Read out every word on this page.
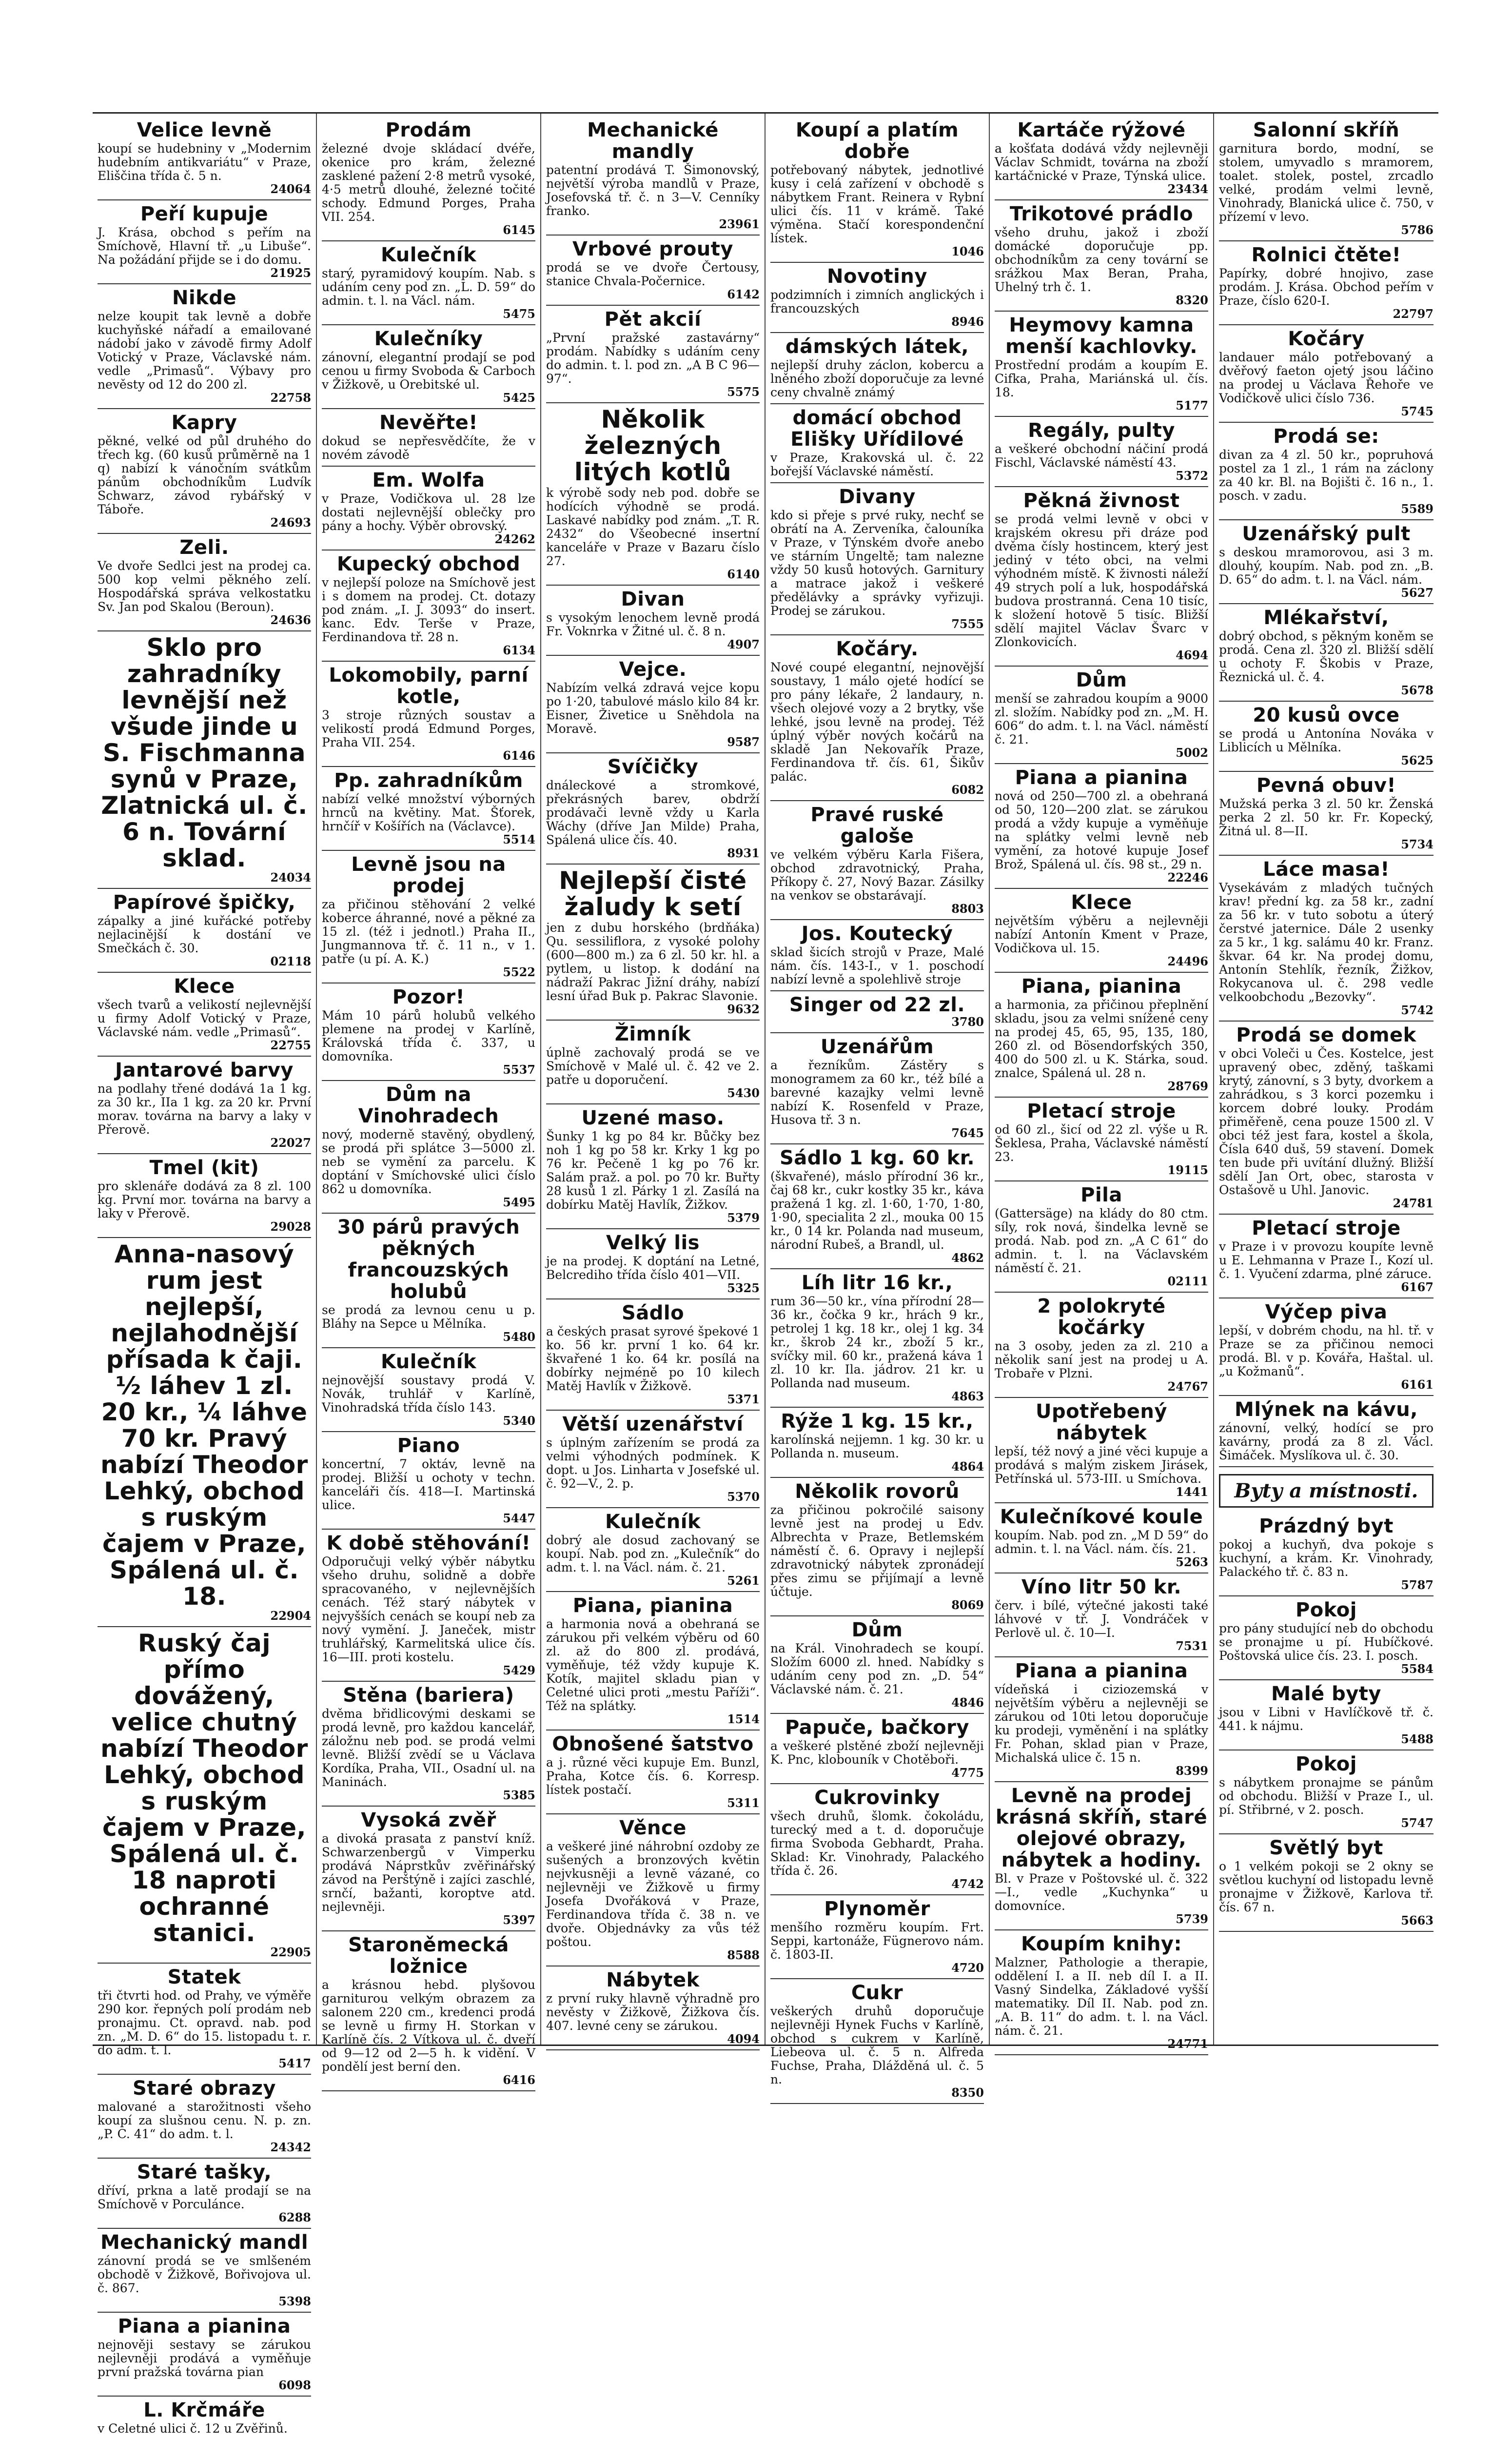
Velice levně
koupí se hudebniny v „Modernim hudebním antikvariátu“ v Praze, Eliščina třída č. 5 n.
24064
Peří kupuje
J. Krása, obchod s peřím na Smíchově, Hlavní tř. „u Libuše“. Na požádání přijde se i do domu.
21925
Nikde
nelze koupit tak levně a dobře kuchyňské nářadí a emailované nádobí jako v závodě firmy Adolf Votický v Praze, Václavské nám. vedle „Primasů“. Výbavy pro nevěsty od 12 do 200 zl.
22758
Kapry
pěkné, velké od půl druhého do třech kg. (60 kusů průměrně na 1 q) nabízí k vánočním svátkům pánům obchodníkům Ludvík Schwarz, závod rybářský v Táboře.
24693
Zeli.
Ve dvoře Sedlci jest na prodej ca. 500 kop velmi pěkného zelí. Hospodářská správa velkostatku Sv. Jan pod Skalou (Beroun).
24636
Sklo pro zahradníky levnější než všude jinde u S. Fischmanna synů v Praze, Zlatnická ul. č. 6 n. Tovární sklad.
24034
Papírové špičky,
zápalky a jiné kuřácké potřeby nejlacinější k dostání ve Smečkách č. 30.
02118
Klece
všech tvarů a velikostí nejlevnější u firmy Adolf Votický v Praze, Václavské nám. vedle „Primasů“.
22755
Jantarové barvy
na podlahy třené dodává 1a 1 kg. za 30 kr., IIa 1 kg. za 20 kr. První morav. továrna na barvy a laky v Přerově.
22027
Tmel (kit)
pro sklenáře dodává za 8 zl. 100 kg. První mor. továrna na barvy a laky v Přerově.
29028
Anna-nasový rum jest nejlepší, nejlahodnější přísada k čaji. ½ láhev 1 zl. 20 kr., ¼ láhve 70 kr. Pravý nabízí Theodor Lehký, obchod s ruským čajem v Praze, Spálená ul. č. 18.
22904
Ruský čaj přímo dovážený, velice chutný nabízí Theodor Lehký, obchod s ruským čajem v Praze, Spálená ul. č. 18 naproti ochranné stanici.
22905
Statek
tři čtvrti hod. od Prahy, ve výměře 290 kor. řepných polí prodám neb pronajmu. Ct. opravd. nab. pod zn. „M. D. 6“ do 15. listopadu t. r. do adm. t. l.
5417
Staré obrazy
malované a starožitnosti všeho koupí za slušnou cenu. N. p. zn. „P. C. 41“ do adm. t. l.
24342
Staré tašky,
dříví, prkna a latě prodají se na Smíchově v Porculánce.
6288
Mechanický mandl
zánovní prodá se ve smlšeném obchodě v Žižkově, Bořivojova ul. č. 867.
5398
Piana a pianina
nejnověji sestavy se zárukou nejlevněji prodává a vyměňuje první pražská továrna pian
6098
L. Krčmáře
v Celetné ulici č. 12 u Zvěřinů.
Prodám
železné dvoje skládací dvéře, okenice pro krám, železné zasklené pažení 2·8 metrů vysoké, 4·5 metrů dlouhé, železné točité schody. Edmund Porges, Praha VII. 254.
6145
Kulečník
starý, pyramidový koupím. Nab. s udáním ceny pod zn. „L. D. 59“ do admin. t. l. na Václ. nám.
5475
Kulečníky
zánovní, elegantní prodají se pod cenou u firmy Svoboda & Carboch v Žižkově, u Orebitské ul.
5425
Nevěřte!
dokud se nepřesvědčíte, že v novém závodě
Em. Wolfa
v Praze, Vodičkova ul. 28 lze dostati nejlevnější oblečky pro pány a hochy. Výběr obrovský.
24262
Kupecký obchod
v nejlepší poloze na Smíchově jest i s domem na prodej. Ct. dotazy pod znám. „I. J. 3093“ do insert. kanc. Edv. Terše v Praze, Ferdinandova tř. 28 n.
6134
Lokomobily, parní kotle,
3 stroje různých soustav a velikostí prodá Edmund Porges, Praha VII. 254.
6146
Pp. zahradníkům
nabízí velké množství výborných hrnců na květiny. Mat. Šťorek, hrnčíř v Košířích na (Václavce).
5514
Levně jsou na prodej
za přičinou stěhování 2 velké koberce áhranné, nové a pěkné za 15 zl. (též i jednotl.) Praha II., Jungmannova tř. č. 11 n., v 1. patře (u pí. A. K.)
5522
Pozor!
Mám 10 párů holubů velkého plemene na prodej v Karlíně, Královská třída č. 337, u domovníka.
5537
Dům na Vinohradech
nový, moderně stavěný, obydlený, se prodá při splátce 3—5000 zl. neb se vymění za parcelu. K doptání v Smíchovské ulici číslo 862 u domovníka.
5495
30 párů pravých pěkných francouzských holubů
se prodá za levnou cenu u p. Bláhy na Sepce u Mělníka.
5480
Kulečník
nejnovější soustavy prodá V. Novák, truhlář v Karlíně, Vinohradská třída číslo 143.
5340
Piano
koncertní, 7 oktáv, levně na prodej. Bližší u ochoty v techn. kanceláři čís. 418—I. Martinská ulice.
5447
K době stěhování!
Odporučuji velký výběr nábytku všeho druhu, solidně a dobře spracovaného, v nejlevnějších cenách. Též starý nábytek v nejvyšších cenách se koupí neb za nový vymění. J. Janeček, mistr truhlářský, Karmelitská ulice čís. 16—III. proti kostelu.
5429
Stěna (bariera)
dvěma břidlicovými deskami se prodá levně, pro každou kancelář, záložnu neb pod. se prodá velmi levně. Bližší zvědí se u Václava Kordíka, Praha, VII., Osadní ul. na Maninách.
5385
Vysoká zvěř
a divoká prasata z panství kníž. Schwarzenbergů v Vimperku prodává Náprstkův zvěřinářský závod na Perštýně i zajíci zaschlé, srnčí, bažanti, koroptve atd. nejlevněji.
5397
Staroněmecká ložnice
a krásnou hebd. plyšovou garniturou velkým obrazem za salonem 220 cm., kredenci prodá se levně u firmy H. Storkan v Karlíně čís. 2 Vítkova ul. č. dveří od 9—12 od 2—5 h. k vidění. V pondělí jest berní den.
6416
Mechanické mandly
patentní prodává T. Šimonovský, největší výroba mandlů v Praze, Josefovská tř. č. n 3—V. Cenníky franko.
23961
Vrbové prouty
prodá se ve dvoře Čertousy, stanice Chvala-Počernice.
6142
Pět akcií
„První pražské zastavárny“ prodám. Nabídky s udáním ceny do admin. t. l. pod zn. „A B C 96—97“.
5575
Několik železných litých kotlů
k výrobě sody neb pod. dobře se hodících výhodně se prodá. Laskavé nabídky pod znám. „T. R. 2432“ do Všeobecné insertní kanceláře v Praze v Bazaru číslo 27.
6140
Divan
s vysokým lenochem levně prodá Fr. Voknrka v Žitné ul. č. 8 n.
4907
Vejce.
Nabízím velká zdravá vejce kopu po 1·20, tabulové máslo kilo 84 kr. Eisner, Živetice u Sněhdola na Moravě.
9587
Svíčičky
dnáleckové a stromkové, překrásných barev, obdrží prodávači levně vždy u Karla Wáchy (dříve Jan Milde) Praha, Spálená ulice čís. 40.
8931
Nejlepší čisté žaludy k setí
jen z dubu horského (brdňáka) Qu. sessiliflora, z vysoké polohy (600—800 m.) za 6 zl. 50 kr. hl. a pytlem, u listop. k dodání na nádraží Pakrac Jižní dráhy, nabízí lesní úřad Buk p. Pakrac Slavonie.
9632
Žimník
úplně zachovalý prodá se ve Smíchově v Malé ul. č. 42 ve 2. patře u doporučení.
5430
Uzené maso.
Šunky 1 kg po 84 kr. Bůčky bez noh 1 kg po 58 kr. Krky 1 kg po 76 kr. Pečeně 1 kg po 76 kr. Salám praž. a pol. po 70 kr. Buřty 28 kusů 1 zl. Párky 1 zl. Zasílá na dobírku Matěj Havlík, Žižkov.
5379
Velký lis
je na prodej. K doptání na Letné, Belcrediho třída číslo 401—VII.
5325
Sádlo
a českých prasat syrové špekové 1 ko. 56 kr. první 1 ko. 64 kr. škvařené 1 ko. 64 kr. posílá na dobírky nejméně po 10 kilech Matěj Havlík v Žižkově.
5371
Větší uzenářství
s úplným zařízením se prodá za velmi výhodných podmínek. K dopt. u Jos. Linharta v Josefské ul. č. 92—V., 2. p.
5370
Kulečník
dobrý ale dosud zachovaný se koupí. Nab. pod zn. „Kulečník“ do adm. t. l. na Václ. nám. č. 21.
5261
Piana, pianina
a harmonia nová a obehraná se zárukou při velkém výběru od 60 zl. až do 800 zl. prodává, vyměňuje, též vždy kupuje K. Kotík, majitel skladu pian v Celetné ulici proti „mestu Paříži“. Též na splátky.
1514
Obnošené šatstvo
a j. různé věci kupuje Em. Bunzl, Praha, Kotce čís. 6. Korresp. lístek postačí.
5311
Věnce
a veškeré jiné náhrobní ozdoby ze sušených a bronzových květin nejvkusněji a levně vázané, co nejlevněji ve Žižkově u firmy Josefa Dvořáková v Praze, Ferdinandova třída č. 38 n. ve dvoře. Objednávky za vůs též poštou.
8588
Nábytek
z první ruky hlavně výhradně pro nevěsty v Žižkově, Žižkova čís. 407. levné ceny se zárukou.
4094
Koupí a platím dobře
potřebovaný nábytek, jednotlivé kusy i celá zařízení v obchodě s nábytkem Frant. Reinera v Rybní ulici čís. 11 v krámě. Také výměna. Stačí korespondenční lístek.
1046
Novotiny
podzimních i zimních anglických i francouzských
8946
dámských látek,
nejlepší druhy záclon, kobercu a lněného zboží doporučuje za levné ceny chvalně známý
domácí obchod Elišky Uřídilové
v Praze, Krakovská ul. č. 22 bořejší Václavské náměstí.
Divany
kdo si přeje s prvé ruky, nechť se obrátí na A. Zerveníka, čalouníka v Praze, v Týnském dvoře anebo ve stárním Ungeltě; tam nalezne vždy 50 kusů hotových. Garnitury a matrace jakož i veškeré předělávky a správky vyřizuji. Prodej se zárukou.
7555
Kočáry.
Nové coupé elegantní, nejnovější soustavy, 1 málo ojeté hodící se pro pány lékaře, 2 landaury, n. všech olejové vozy a 2 brytky, vše lehké, jsou levně na prodej. Též úplný výběr nových kočárů na skladě Jan Nekovařík Praze, Ferdinandova tř. čís. 61, Šikův palác.
6082
Pravé ruské galoše
ve velkém výběru Karla Fišera, obchod zdravotnický, Praha, Příkopy č. 27, Nový Bazar. Zásilky na venkov se obstarávají.
8803
Jos. Koutecký
sklad šicích strojů v Praze, Malé nám. čís. 143-I., v 1. poschodí nabízí levně a spolehlivě stroje
Singer od 22 zl.
3780
Uzenářům
a řezníkům. Zástěry s monogramem za 60 kr., též bílé a barevné kazajky velmi levně nabízí K. Rosenfeld v Praze, Husova tř. 3 n.
7645
Sádlo 1 kg. 60 kr.
(škvařené), máslo přírodní 36 kr., čaj 68 kr., cukr kostky 35 kr., káva pražená 1 kg. zl. 1·60, 1·70, 1·80, 1·90, specialita 2 zl., mouka 00 15 kr., 0 14 kr. Polanda nad museum, národní Rubeš, a Brandl, ul.
4862
Líh litr 16 kr.,
rum 36—50 kr., vína přírodní 28—36 kr., čočka 9 kr., hrách 9 kr., petrolej 1 kg. 18 kr., olej 1 kg. 34 kr., škrob 24 kr., zboží 5 kr., svíčky mil. 60 kr., pražená káva 1 zl. 10 kr. Ila. jádrov. 21 kr. u Pollanda nad museum.
4863
Rýže 1 kg. 15 kr.,
karolínská nejjemn. 1 kg. 30 kr. u Pollanda n. museum.
4864
Několik rovorů
za přičinou pokročilé saisony levně jest na prodej u Edv. Albrechta v Praze, Betlemském náměstí č. 6. Opravy i nejlepší zdravotnický nábytek zpronádejí přes zimu se přijímají a levně účtuje.
8069
Dům
na Král. Vinohradech se koupí. Složím 6000 zl. hned. Nabídky s udáním ceny pod zn. „D. 54“ Václavské nám. č. 21.
4846
Papuče, bačkory
a veškeré plstěné zboží nejlevněji K. Pnc, klobouník v Chotěboři.
4775
Cukrovinky
všech druhů, šlomk. čokoládu, turecký med a t. d. doporučuje firma Svoboda Gebhardt, Praha. Sklad: Kr. Vinohrady, Palackého třída č. 26.
4742
Plynoměr
menšího rozměru koupím. Frt. Seppi, kartonáže, Fügnerovo nám. č. 1803-II.
4720
Cukr
veškerých druhů doporučuje nejlevněji Hynek Fuchs v Karlíně, obchod s cukrem v Karlíně, Liebeova ul. č. 5 n. Alfreda Fuchse, Praha, Dlážděná ul. č. 5 n.
8350
Kartáče rýžové
a košťata dodává vždy nejlevněji Václav Schmidt, továrna na zboží kartáčnické v Praze, Týnská ulice.
23434
Trikotové prádlo
všeho druhu, jakož i zboží domácké doporučuje pp. obchodníkům za ceny tovární se srážkou Max Beran, Praha, Uhelný trh č. 1.
8320
Heymovy kamna menší kachlovky.
Prostřední prodám a koupím E. Cifka, Praha, Mariánská ul. čís. 18.
5177
Regály, pulty
a veškeré obchodní náčiní prodá Fischl, Václavské náměstí 43.
5372
Pěkná živnost
se prodá velmi levně v obci v krajském okresu při dráze pod dvěma čísly hostincem, který jest jediný v této obci, na velmi výhodném místě. K živnosti náleží 49 strych polí a luk, hospodářská budova prostranná. Cena 10 tisíc, k složení hotově 5 tisíc. Bližší sdělí majitel Václav Švarc v Zlonkovicích.
4694
Dům
menší se zahradou koupím a 9000 zl. složím. Nabídky pod zn. „M. H. 606“ do adm. t. l. na Václ. náměstí č. 21.
5002
Piana a pianina
nová od 250—700 zl. a obehraná od 50, 120—200 zlat. se zárukou prodá a vždy kupuje a vyměňuje na splátky velmi levně neb vymění, za hotové kupuje Josef Brož, Spálená ul. čís. 98 st., 29 n.
22246
Klece
největším výběru a nejlevněji nabízí Antonín Kment v Praze, Vodičkova ul. 15.
24496
Piana, pianina
a harmonia, za přičinou přeplnění skladu, jsou za velmi snížené ceny na prodej 45, 65, 95, 135, 180, 260 zl. od Bösendorfských 350, 400 do 500 zl. u K. Stárka, soud. znalce, Spálená ul. 28 n.
28769
Pletací stroje
od 60 zl., šicí od 22 zl. výše u R. Šeklesa, Praha, Václavské náměstí 23.
19115
Pila
(Gattersäge) na klády do 80 ctm. síly, rok nová, šindelka levně se prodá. Nab. pod zn. „A C 61“ do admin. t. l. na Václavském náměstí č. 21.
02111
2 polokryté kočárky
na 3 osoby, jeden za zl. 210 a několik saní jest na prodej u A. Trobaře v Plzni.
24767
Upotřebený nábytek
lepší, též nový a jiné věci kupuje a prodává s malým ziskem Jirásek, Petřínská ul. 573-III. u Smíchova.
1441
Kulečníkové koule
koupím. Nab. pod zn. „M D 59“ do admin. t. l. na Václ. nám. čís. 21.
5263
Víno litr 50 kr.
červ. i bílé, výtečné jakosti také láhvové v tř. J. Vondráček v Perlově ul. č. 10—I.
7531
Piana a pianina
vídeňská i ciziozemská v největším výběru a nejlevněji se zárukou od 10ti letou doporučuje ku prodeji, vyměnění i na splátky Fr. Pohan, sklad pian v Praze, Michalská ulice č. 15 n.
8399
Levně na prodej krásná skříň, staré olejové obrazy, nábytek a hodiny.
Bl. v Praze v Poštovské ul. č. 322—I., vedle „Kuchynka“ u domovníce.
5739
Koupím knihy:
Malzner, Pathologie a therapie, oddělení I. a II. neb díl I. a II. Vasný Sindelka, Základové vyšší matematiky. Díl II. Nab. pod zn. „A. B. 11“ do adm. t. l. na Václ. nám. č. 21.
24771
Salonní skříň
garnitura bordo, modní, se stolem, umyvadlo s mramorem, toalet. stolek, postel, zrcadlo velké, prodám velmi levně, Vinohrady, Blanická ulice č. 750, v přízemí v levo.
5786
Rolnici čtěte!
Papírky, dobré hnojivo, zase prodám. J. Krása. Obchod peřím v Praze, číslo 620-I.
22797
Kočáry
landauer málo potřebovaný a dvěřový faeton ojetý jsou láčino na prodej u Václava Řehoře ve Vodičkově ulici číslo 736.
5745
Prodá se:
divan za 4 zl. 50 kr., popruhová postel za 1 zl., 1 rám na záclony za 40 kr. Bl. na Bojišti č. 16 n., 1. posch. v zadu.
5589
Uzenářský pult
s deskou mramorovou, asi 3 m. dlouhý, koupím. Nab. pod zn. „B. D. 65“ do adm. t. l. na Václ. nám.
5627
Mlékařství,
dobrý obchod, s pěkným koněm se prodá. Cena zl. 320 zl. Bližší sdělí u ochoty F. Škobis v Praze, Řeznická ul. č. 4.
5678
20 kusů ovce
se prodá u Antonína Nováka v Liblicích u Mělníka.
5625
Pevná obuv!
Mužská perka 3 zl. 50 kr. Ženská perka 2 zl. 50 kr. Fr. Kopecký, Žitná ul. 8—II.
5734
Láce masa!
Vysekávám z mladých tučných krav! přední kg. za 58 kr., zadní za 56 kr. v tuto sobotu a úterý čerstvé jaternice. Dále 2 usenky za 5 kr., 1 kg. salámu 40 kr. Franz. škvar. 64 kr. Na prodej domu, Antonín Stehlík, řezník, Žižkov, Rokycanova ul. č. 298 vedle velkoobchodu „Bezovky“.
5742
Prodá se domek
v obci Voleči u Čes. Kostelce, jest upravený obec, zděný, taškami krytý, zánovní, s 3 byty, dvorkem a zahrádkou, s 3 korci pozemku i korcem dobré louky. Prodám přiměřeně, cena pouze 1500 zl. V obci též jest fara, kostel a škola, Čísla 640 duš, 59 stavení. Domek ten bude při uvítání dlužný. Bližší sdělí Jan Ort, obec, starosta v Ostašově u Uhl. Janovic.
24781
Pletací stroje
v Praze i v provozu koupíte levně u E. Lehmanna v Praze I., Kozí ul. č. 1. Vyučení zdarma, plné záruce.
6167
Výčep piva
lepší, v dobrém chodu, na hl. tř. v Praze se za přičinou nemoci prodá. Bl. v p. Kovářa, Haštal. ul. „u Kožmanů“.
6161
Mlýnek na kávu,
zánovní, velký, hodící se pro kavárny, prodá za 8 zl. Václ. Šimáček. Myslíkova ul. č. 30.
Byty a místnosti.
Prázdný byt
pokoj a kuchyň, dva pokoje s kuchyní, a krám. Kr. Vinohrady, Palackého tř. č. 83 n.
5787
Pokoj
pro pány studující neb do obchodu se pronajme u pí. Hubíčkové. Poštovská ulice čís. 23. I. posch.
5584
Malé byty
jsou v Libni v Havlíčkově tř. č. 441. k nájmu.
5488
Pokoj
s nábytkem pronajme se pánům od obchodu. Bližší v Praze I., ul. pí. Střibrné, v 2. posch.
5747
Světlý byt
o 1 velkém pokoji se 2 okny se světlou kuchyní od listopadu levně pronajme v Žižkově, Karlova tř. čís. 67 n.
5663
